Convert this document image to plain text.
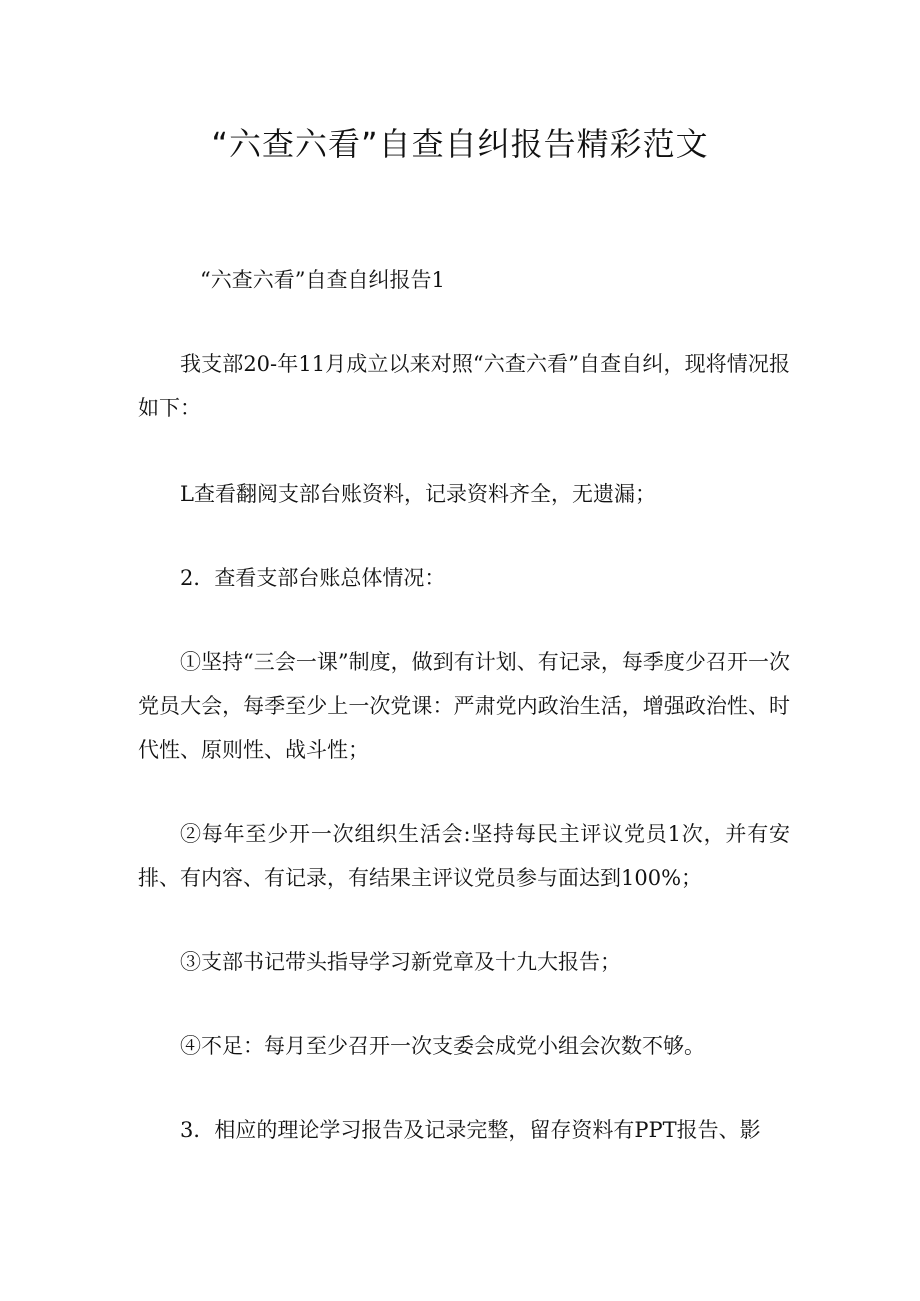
“六查六看”自查自纠报告精彩范文

“六查六看”自查自纠报告1

我支部20-年11月成立以来对照“六查六看”自查自纠，现将情况报如下：

L查看翻阅支部台账资料，记录资料齐全，无遗漏；

2．查看支部台账总体情况：

①坚持“三会一课”制度，做到有计划、有记录，每季度少召开一次党员大会，每季至少上一次党课：严肃党内政治生活，增强政治性、时代性、原则性、战斗性；

②每年至少开一次组织生活会:坚持每民主评议党员1次，并有安排、有内容、有记录，有结果主评议党员参与面达到100%；

③支部书记带头指导学习新党章及十九大报告；

④不足：每月至少召开一次支委会成党小组会次数不够。

3．相应的理论学习报告及记录完整，留存资料有PPT报告、影
